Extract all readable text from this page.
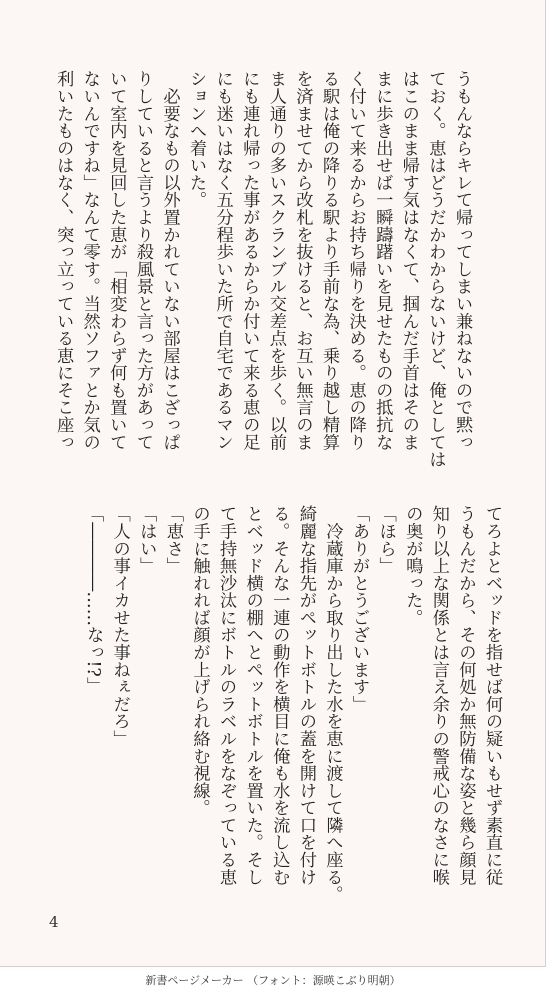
うもんならキレて帰ってしまい兼ねないので黙っ
ておく。恵はどうだかわからないけど、俺としては
はこのまま帰す気はなくて、掴んだ手首はそのま
まに歩き出せば一瞬躊躇いを見せたものの抵抗な
く付いて来るからお持ち帰りを決める。恵の降り
る駅は俺の降りる駅より手前な為、乗り越し精算
を済ませてから改札を抜けると、お互い無言のま
ま人通りの多いスクランブル交差点を歩く。以前
にも連れ帰った事があるからか付いて来る恵の足
にも迷いはなく五分程歩いた所で自宅であるマン
ションへ着いた。
　必要なもの以外置かれていない部屋はこざっぱ
りしていると言うより殺風景と言った方があって
いて室内を見回した恵が「相変わらず何も置いて
ないんですね」なんて零す。当然ソファとか気の
利いたものはなく、突っ立っている恵にそこ座っ
てろよとベッドを指せば何の疑いもせず素直に従
うもんだから、その何処か無防備な姿と幾ら顔見
知り以上な関係とは言え余りの警戒心のなさに喉
の奥が鳴った。
「ほら」
「ありがとうございます」
　冷蔵庫から取り出した水を恵に渡して隣へ座る。
綺麗な指先がペットボトルの蓋を開けて口を付け
る。そんな一連の動作を横目に俺も水を流し込む
とベッド横の棚へとペットボトルを置いた。そし
て手持無沙汰にボトルのラベルをなぞっている恵
の手に触れれば顔が上げられ絡む視線。
「恵さ」
「はい」
「人の事イカせた事ねぇだろ」
「――――……なっ!?」
4
新書ページメーカー （フォント：源暎こぶり明朝）
